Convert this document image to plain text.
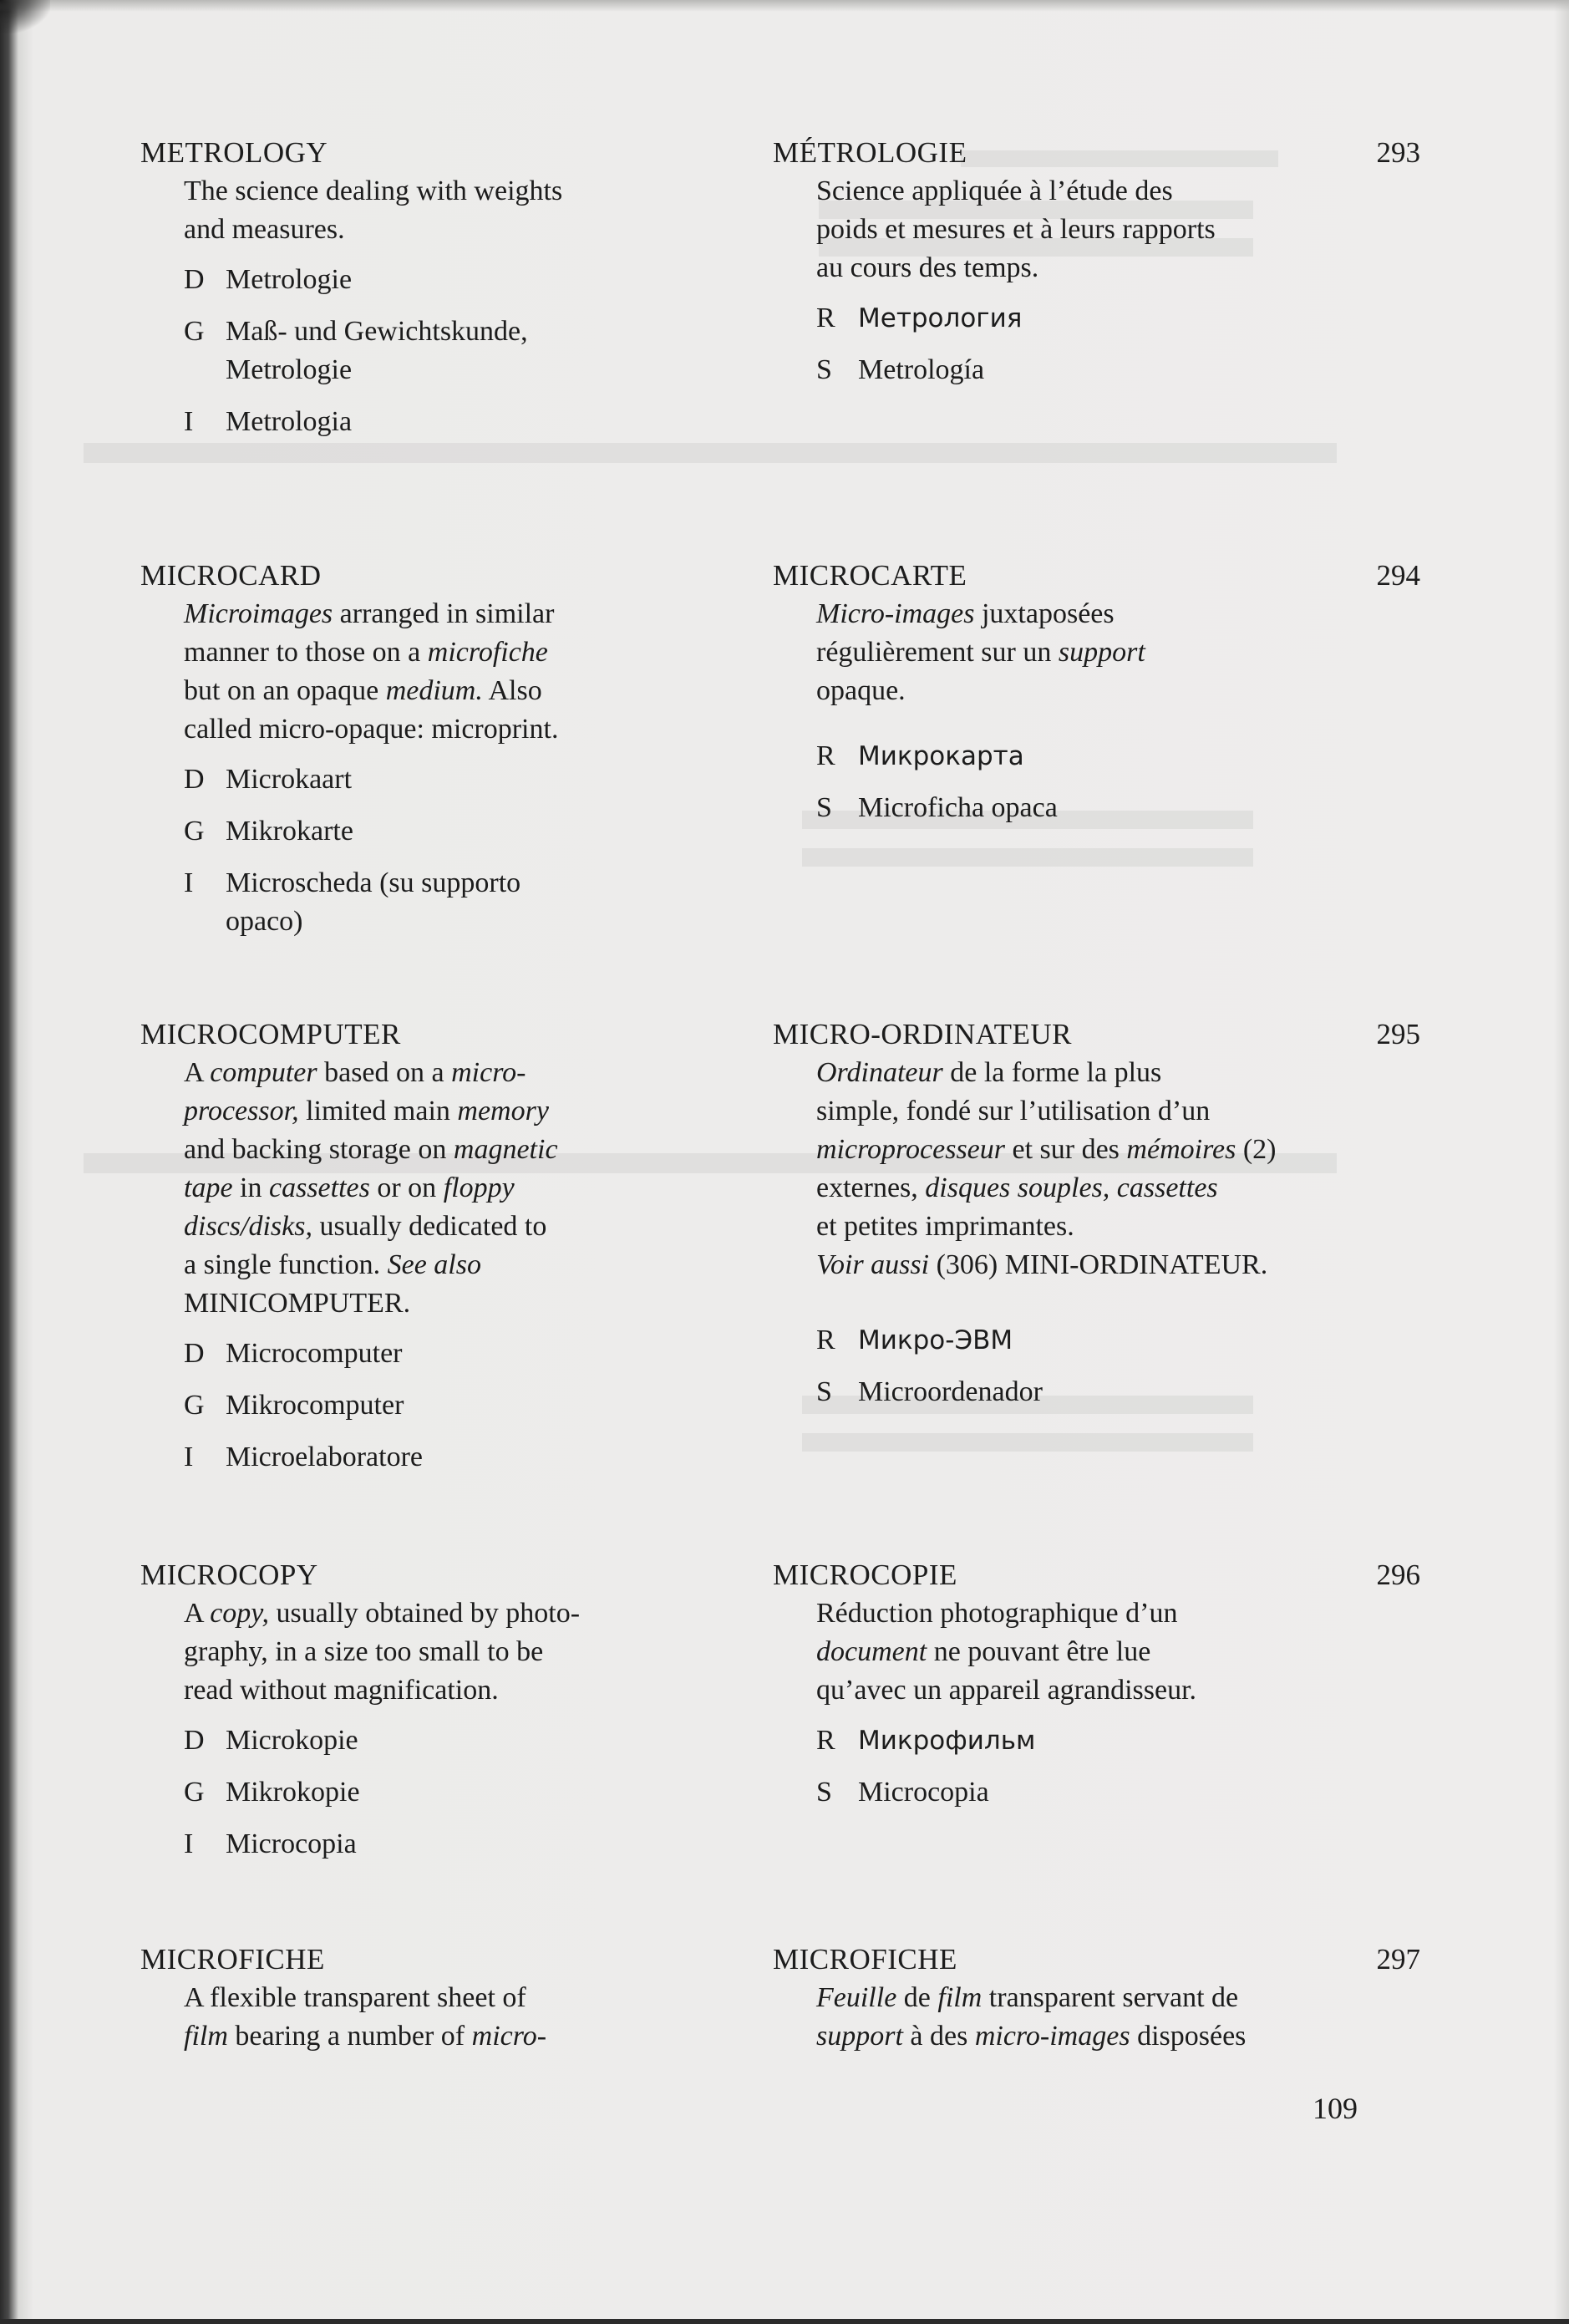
METROLOGY
The science dealing with weights
and measures.
D Metrologie
G Maß- und Gewichtskunde,
Metrologie
I	Metrologia
MÉTROLOGIE
Science appliquée à l’étude des
poids et mesures et à leurs rapports
au cours des temps.
R Метрология
S Metrología
293
MICROCARD
Microimages arranged in similar
manner to those on a microfiche
but on an opaque medium. Also
called micro-opaque: microprint.
D Microkaart
G Mikrokarte
I	Microscheda (su supporto
opaco)
MICROCARTE
Micro-images juxtaposées
régulièrement sur un support
opaque.
R Микрокарта
S Microficha opaca
294
MICROCOMPUTER
A computer based on a micro-
processor, limited main memory
and backing storage on magnetic
tape in cassettes or on floppy
discs/disks, usually dedicated to
a single function. See also
MINICOMPUTER.
D Microcomputer
G Mikrocomputer
I	Microelaboratore
MICRO-ORDINATEUR
Ordinateur de la forme la plus
simple, fondé sur l’utilisation d’un
microprocesseur et sur des mémoires (2)
externes, disques souples, cassettes
et petites imprimantes.
Voir aussi (306) MINI-ORDINATEUR.
R Микро-ЭВМ
S Microordenador
295
MICROCOPY
A copy, usually obtained by photo-
graphy, in a size too small to be
read without magnification.
D Microkopie
G Mikrokopie
I	Microcopia
MICROCOPIE
Réduction photographique d’un
document ne pouvant être lue
qu’avec un appareil agrandisseur.
R Микрофильм
S Microcopia
296
MICROFICHE
A flexible transparent sheet of
film bearing a number of micro-
MICROFICHE
Feuille de film transparent servant de
support à des micro-images disposées
297
109
